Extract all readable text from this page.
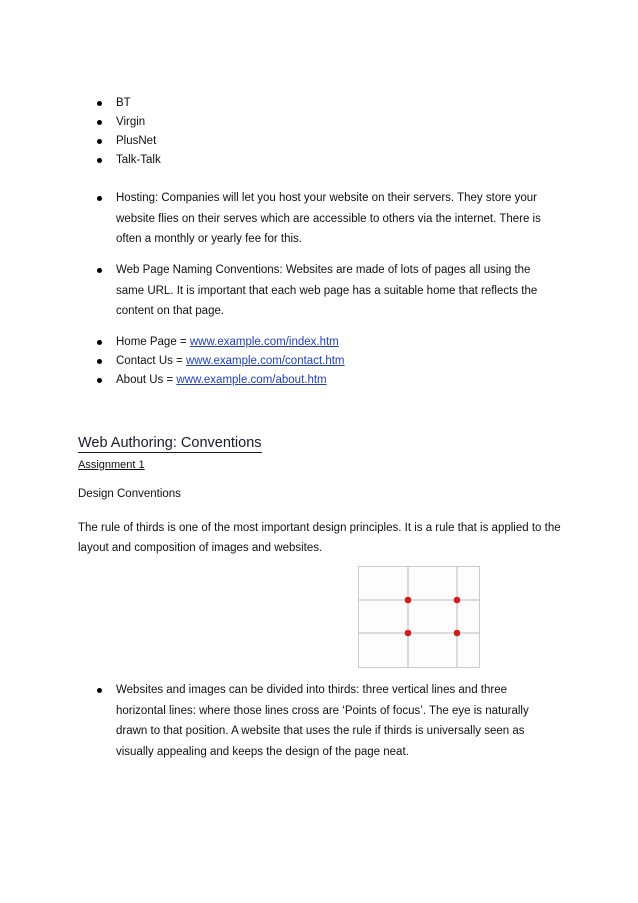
BT
Virgin
PlusNet
Talk-Talk
Hosting: Companies will let you host your website on their servers. They store your website flies on their serves which are accessible to others via the internet. There is often a monthly or yearly fee for this.
Web Page Naming Conventions: Websites are made of lots of pages all using the same URL. It is important that each web page has a suitable home that reflects the content on that page.
Home Page = www.example.com/index.htm
Contact Us = www.example.com/contact.htm
About Us = www.example.com/about.htm
Web Authoring: Conventions

Assignment 1

Design Conventions

The rule of thirds is one of the most important design principles. It is a rule that is applied to the layout and composition of images and websites.

Websites and images can be divided into thirds: three vertical lines and three horizontal lines: where those lines cross are ‘Points of focus’. The eye is naturally drawn to that position. A website that uses the rule if thirds is universally seen as visually appealing and keeps the design of the page neat.
